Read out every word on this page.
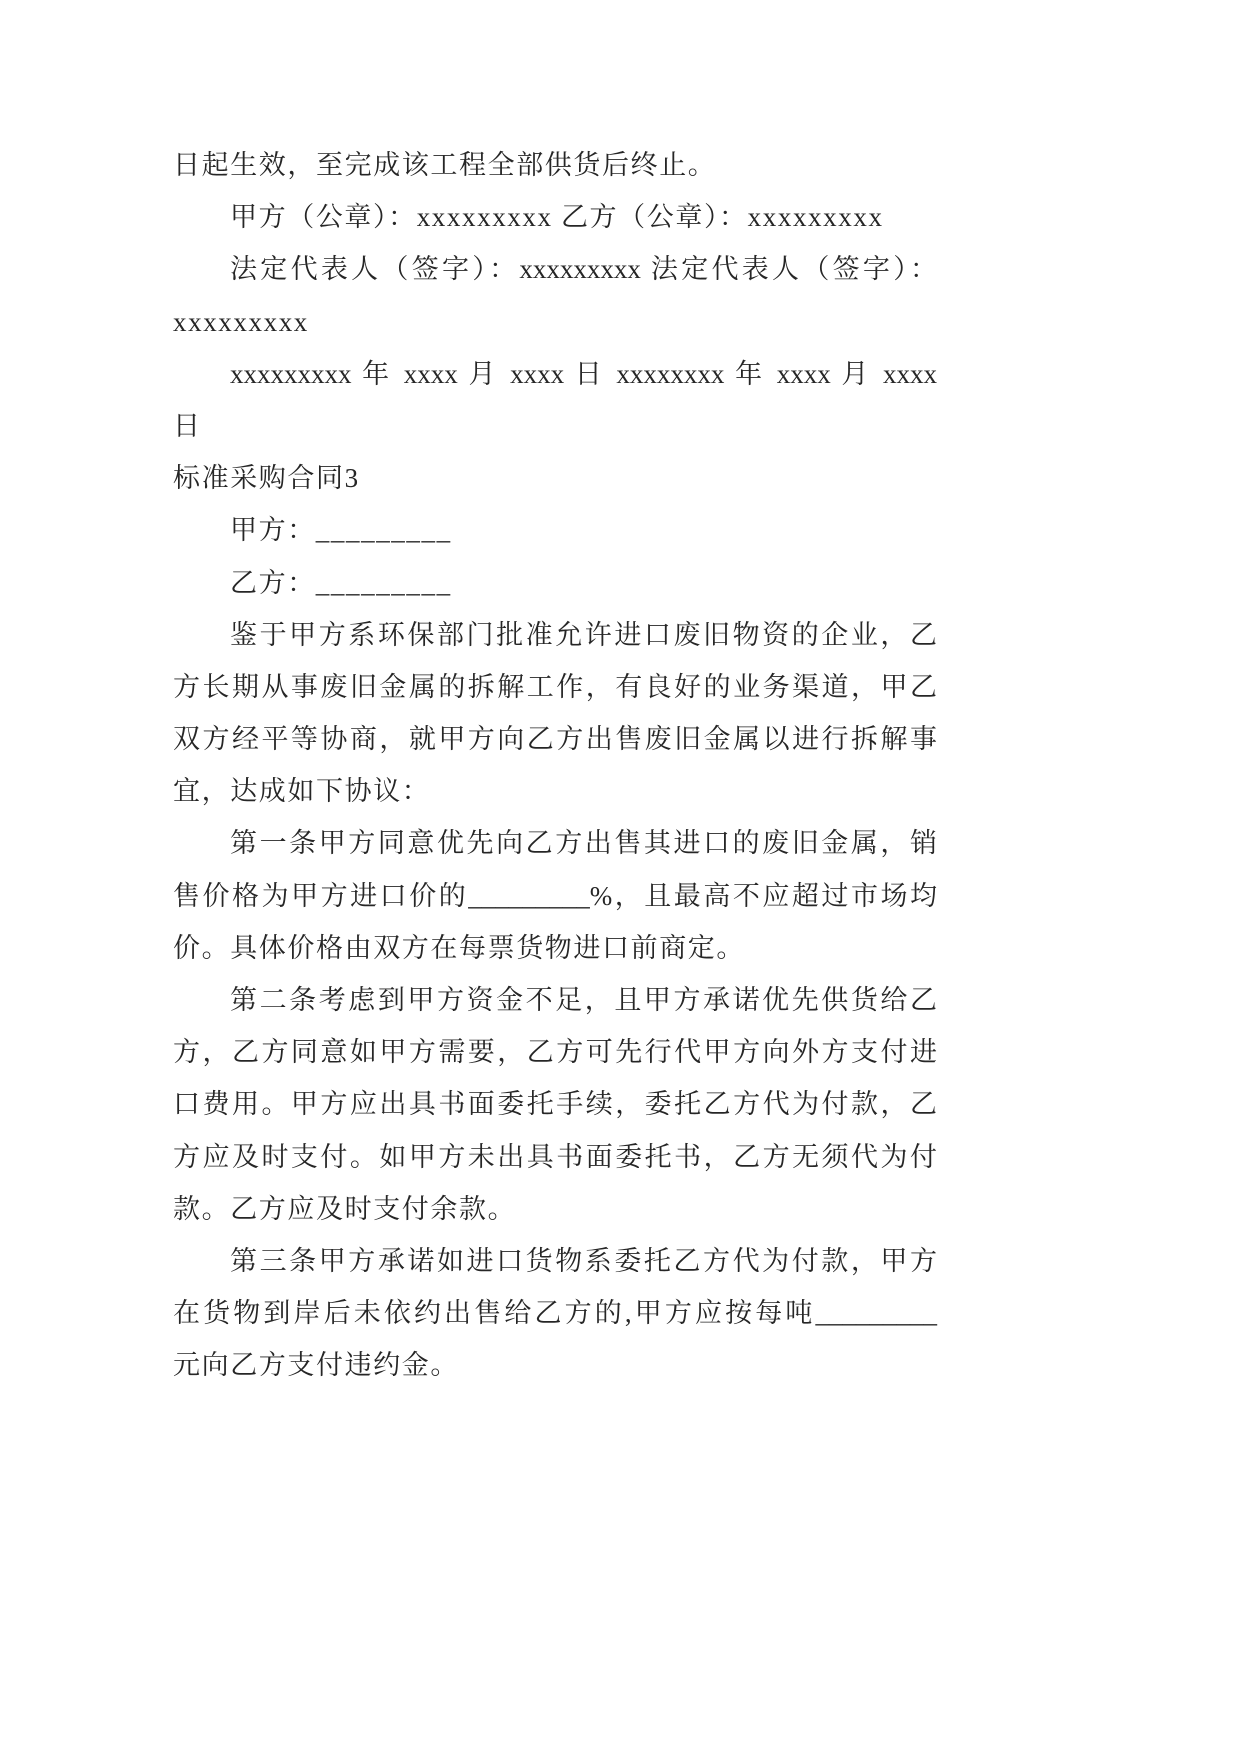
日起生效，至完成该工程全部供货后终止。
甲方（公章）：xxxxxxxxx 乙方（公章）：xxxxxxxxx
法定代表人（签字）：xxxxxxxxx 法定代表人（签字）：
xxxxxxxxx
xxxxxxxxx 年 xxxx 月 xxxx 日 xxxxxxxx 年 xxxx 月 xxxx
日
标准采购合同3
甲方：_________
乙方：_________
鉴于甲方系环保部门批准允许进口废旧物资的企业，乙
方长期从事废旧金属的拆解工作，有良好的业务渠道，甲乙
双方经平等协商，就甲方向乙方出售废旧金属以进行拆解事
宜，达成如下协议：
第一条甲方同意优先向乙方出售其进口的废旧金属，销
售价格为甲方进口价的_________%，且最高不应超过市场均
价。具体价格由双方在每票货物进口前商定。
第二条考虑到甲方资金不足，且甲方承诺优先供货给乙
方，乙方同意如甲方需要，乙方可先行代甲方向外方支付进
口费用。甲方应出具书面委托手续，委托乙方代为付款，乙
方应及时支付。如甲方未出具书面委托书，乙方无须代为付
款。乙方应及时支付余款。
第三条甲方承诺如进口货物系委托乙方代为付款，甲方
在货物到岸后未依约出售给乙方的,甲方应按每吨_________
元向乙方支付违约金。
